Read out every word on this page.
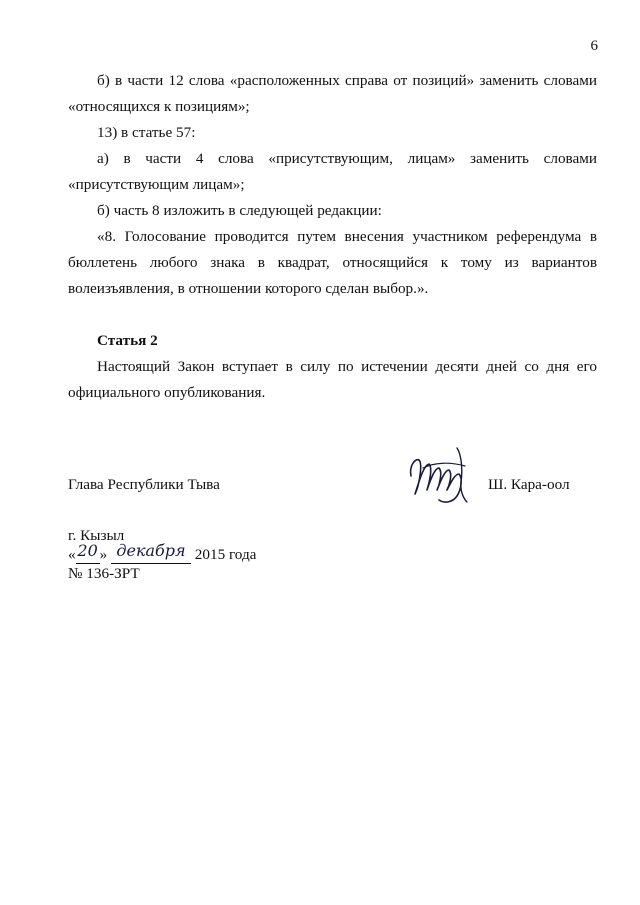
6

б) в части 12 слова «расположенных справа от позиций» заменить словами «относящихся к позициям»;

13) в статье 57:

а) в части 4 слова «присутствующим, лицам» заменить словами «присутствующим лицам»;

б) часть 8 изложить в следующей редакции:

«8. Голосование проводится путем внесения участником референдума в бюллетень любого знака в квадрат, относящийся к тому из вариантов волеизъявления, в отношении которого сделан выбор.».

Статья 2

Настоящий Закон вступает в силу по истечении десяти дней со дня его официального опубликования.

Глава Республики Тыва	Ш. Кара-оол
г. Кызыл
« 20 » декабря 2015 года
№ 136-ЗРТ
